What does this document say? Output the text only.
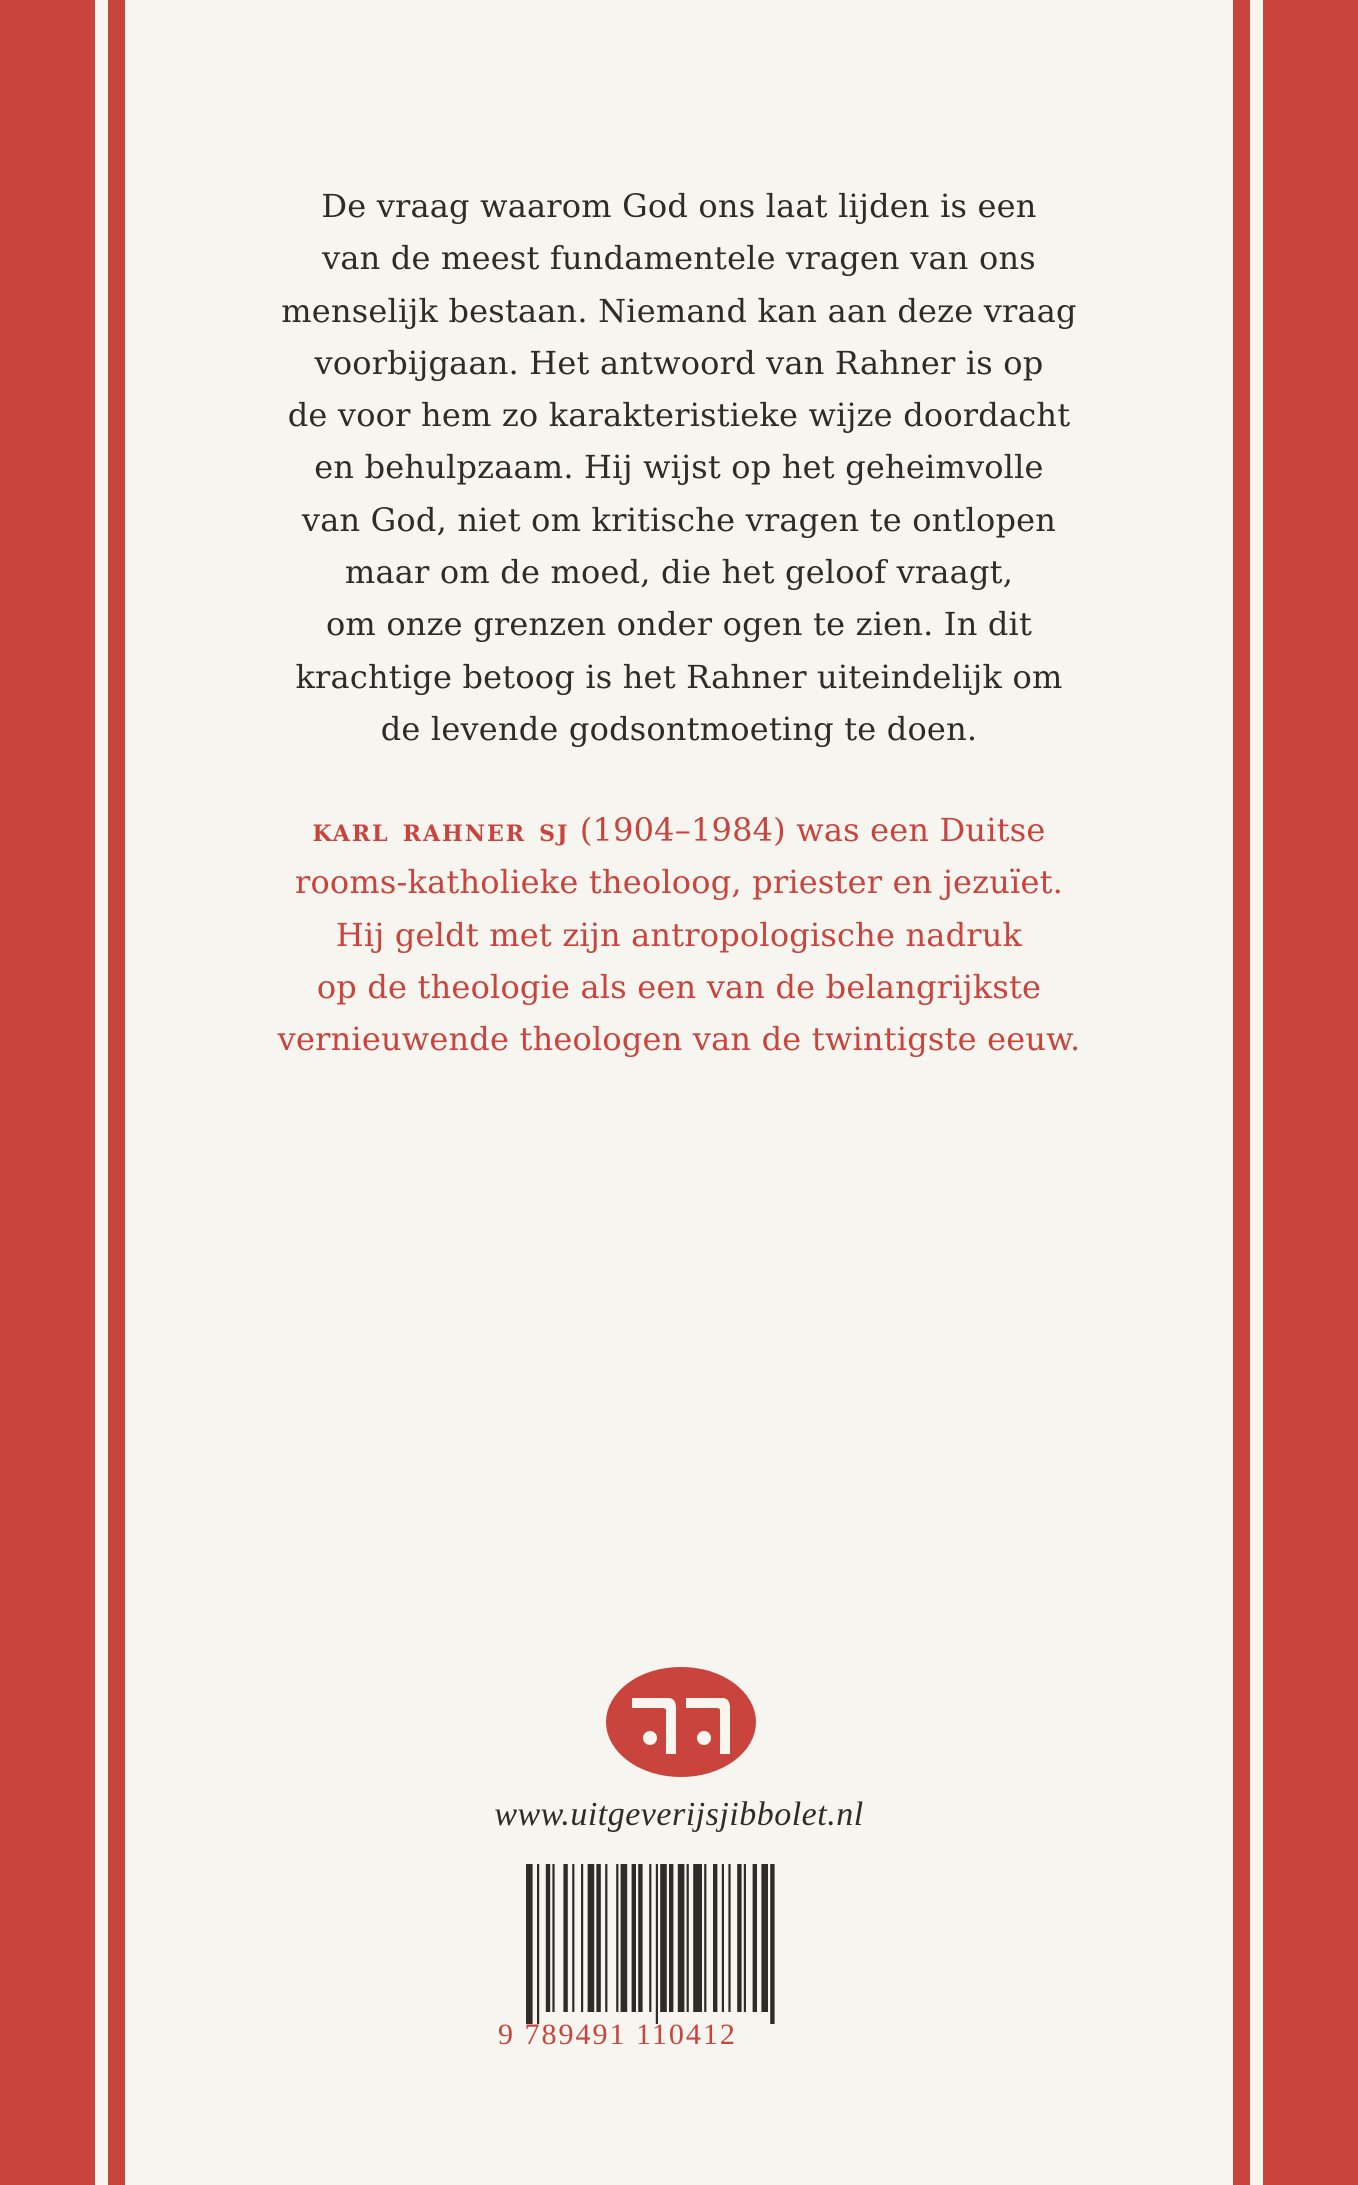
De vraag waarom God ons laat lijden is een
van de meest fundamentele vragen van ons
menselijk bestaan. Niemand kan aan deze vraag
voorbijgaan. Het antwoord van Rahner is op
de voor hem zo karakteristieke wijze doordacht
en behulpzaam. Hij wijst op het geheimvolle
van God, niet om kritische vragen te ontlopen
maar om de moed, die het geloof vraagt,
om onze grenzen onder ogen te zien. In dit
krachtige betoog is het Rahner uiteindelijk om
de levende godsontmoeting te doen.

karl rahner sj (1904–1984) was een Duitse
rooms-katholieke theoloog, priester en jezuïet.
Hij geldt met zijn antropologische nadruk
op de theologie als een van de belangrijkste
vernieuwende theologen van de twintigste eeuw.

www.uitgeverijsjibbolet.nl
9 789491 110412
